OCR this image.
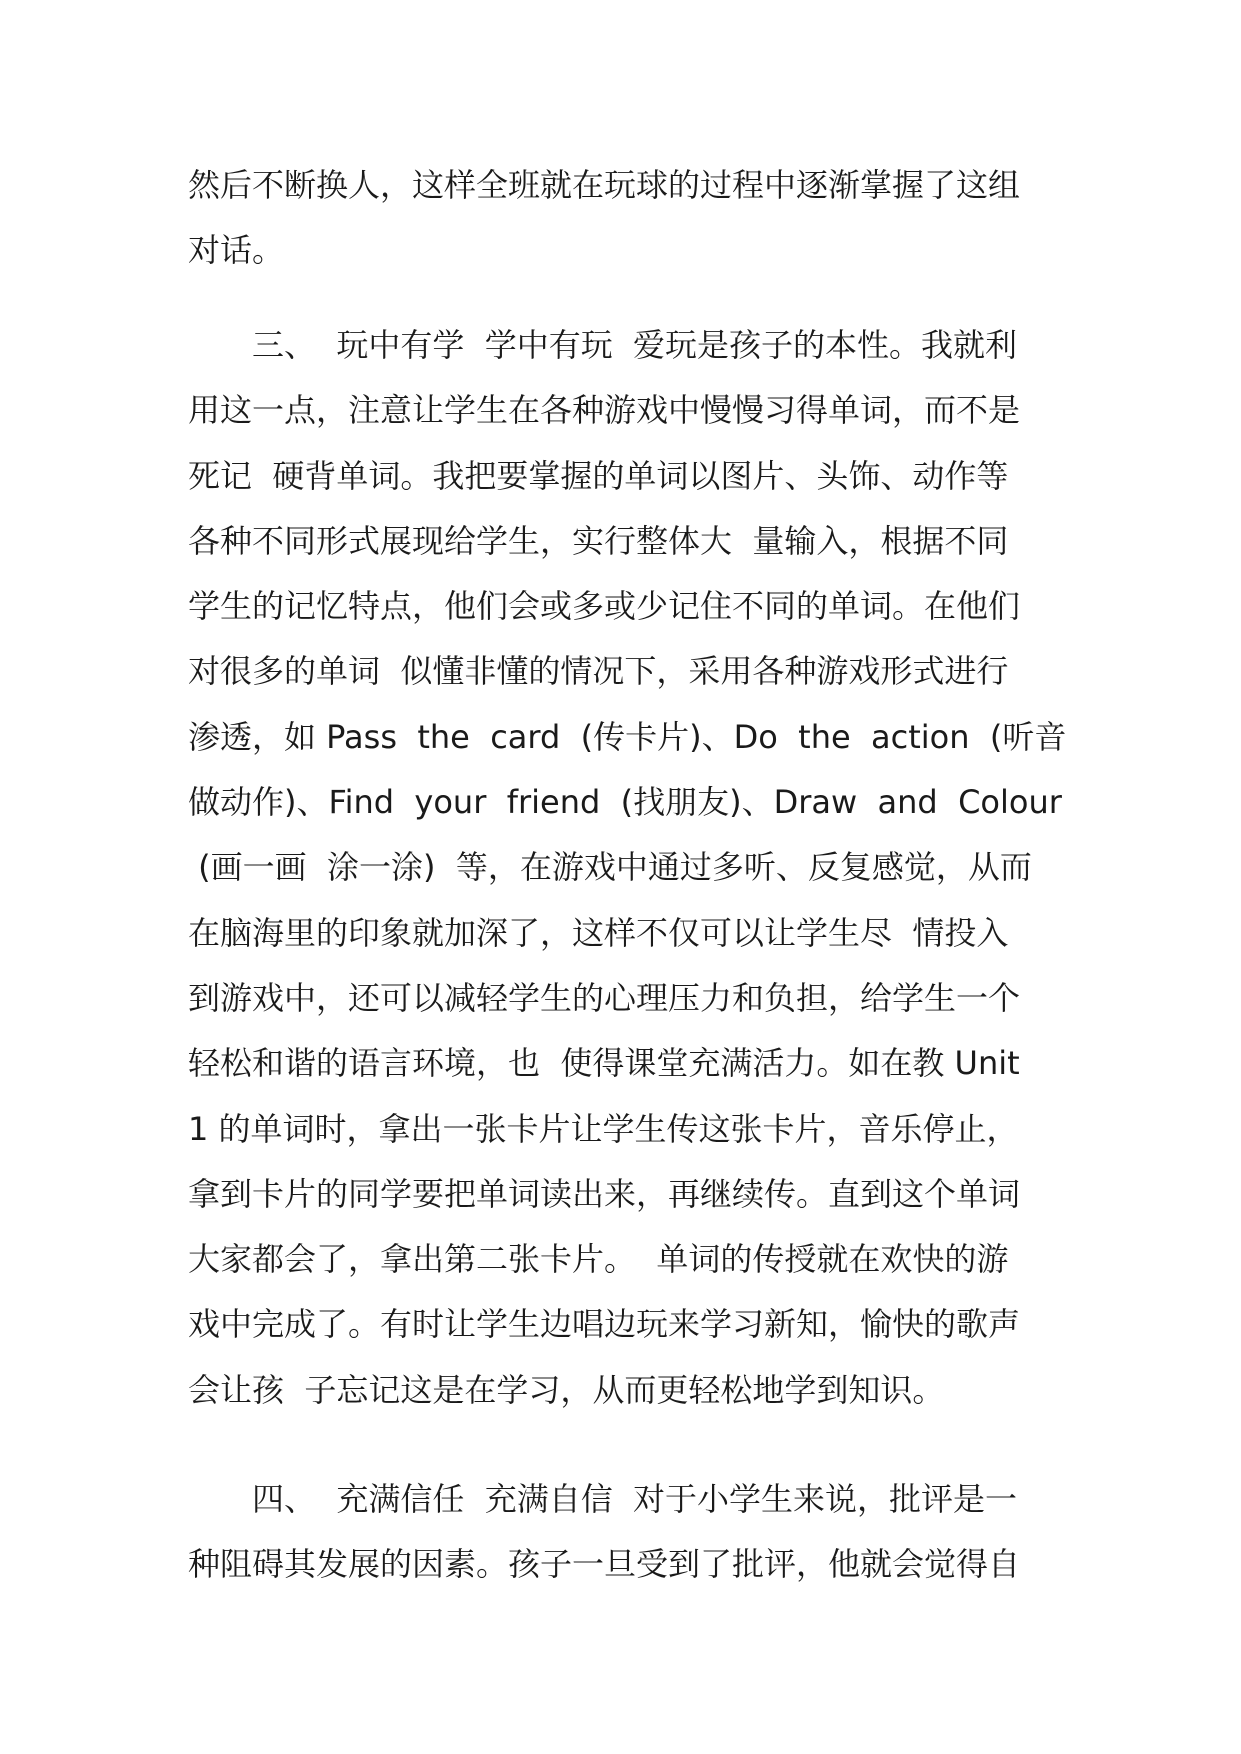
然后不断换人，这样全班就在玩球的过程中逐渐掌握了这组
对话。
　　三、  玩中有学  学中有玩  爱玩是孩子的本性。我就利
用这一点，注意让学生在各种游戏中慢慢习得单词，而不是
死记  硬背单词。我把要掌握的单词以图片、头饰、动作等
各种不同形式展现给学生，实行整体大  量输入，根据不同
学生的记忆特点，他们会或多或少记住不同的单词。在他们
对很多的单词  似懂非懂的情况下，采用各种游戏形式进行
渗透，如 Pass  the  card  (传卡片)、Do  the  action  (听音
做动作)、Find  your  friend  (找朋友)、Draw  and  Colour
(画一画  涂一涂)  等，在游戏中通过多听、反复感觉，从而
在脑海里的印象就加深了，这样不仅可以让学生尽  情投入
到游戏中，还可以减轻学生的心理压力和负担，给学生一个
轻松和谐的语言环境，也  使得课堂充满活力。如在教 Unit
1 的单词时，拿出一张卡片让学生传这张卡片，音乐停止，
拿到卡片的同学要把单词读出来，再继续传。直到这个单词
大家都会了，拿出第二张卡片。  单词的传授就在欢快的游
戏中完成了。有时让学生边唱边玩来学习新知，愉快的歌声
会让孩  子忘记这是在学习，从而更轻松地学到知识。
　　四、  充满信任  充满自信  对于小学生来说，批评是一
种阻碍其发展的因素。孩子一旦受到了批评，他就会觉得自
